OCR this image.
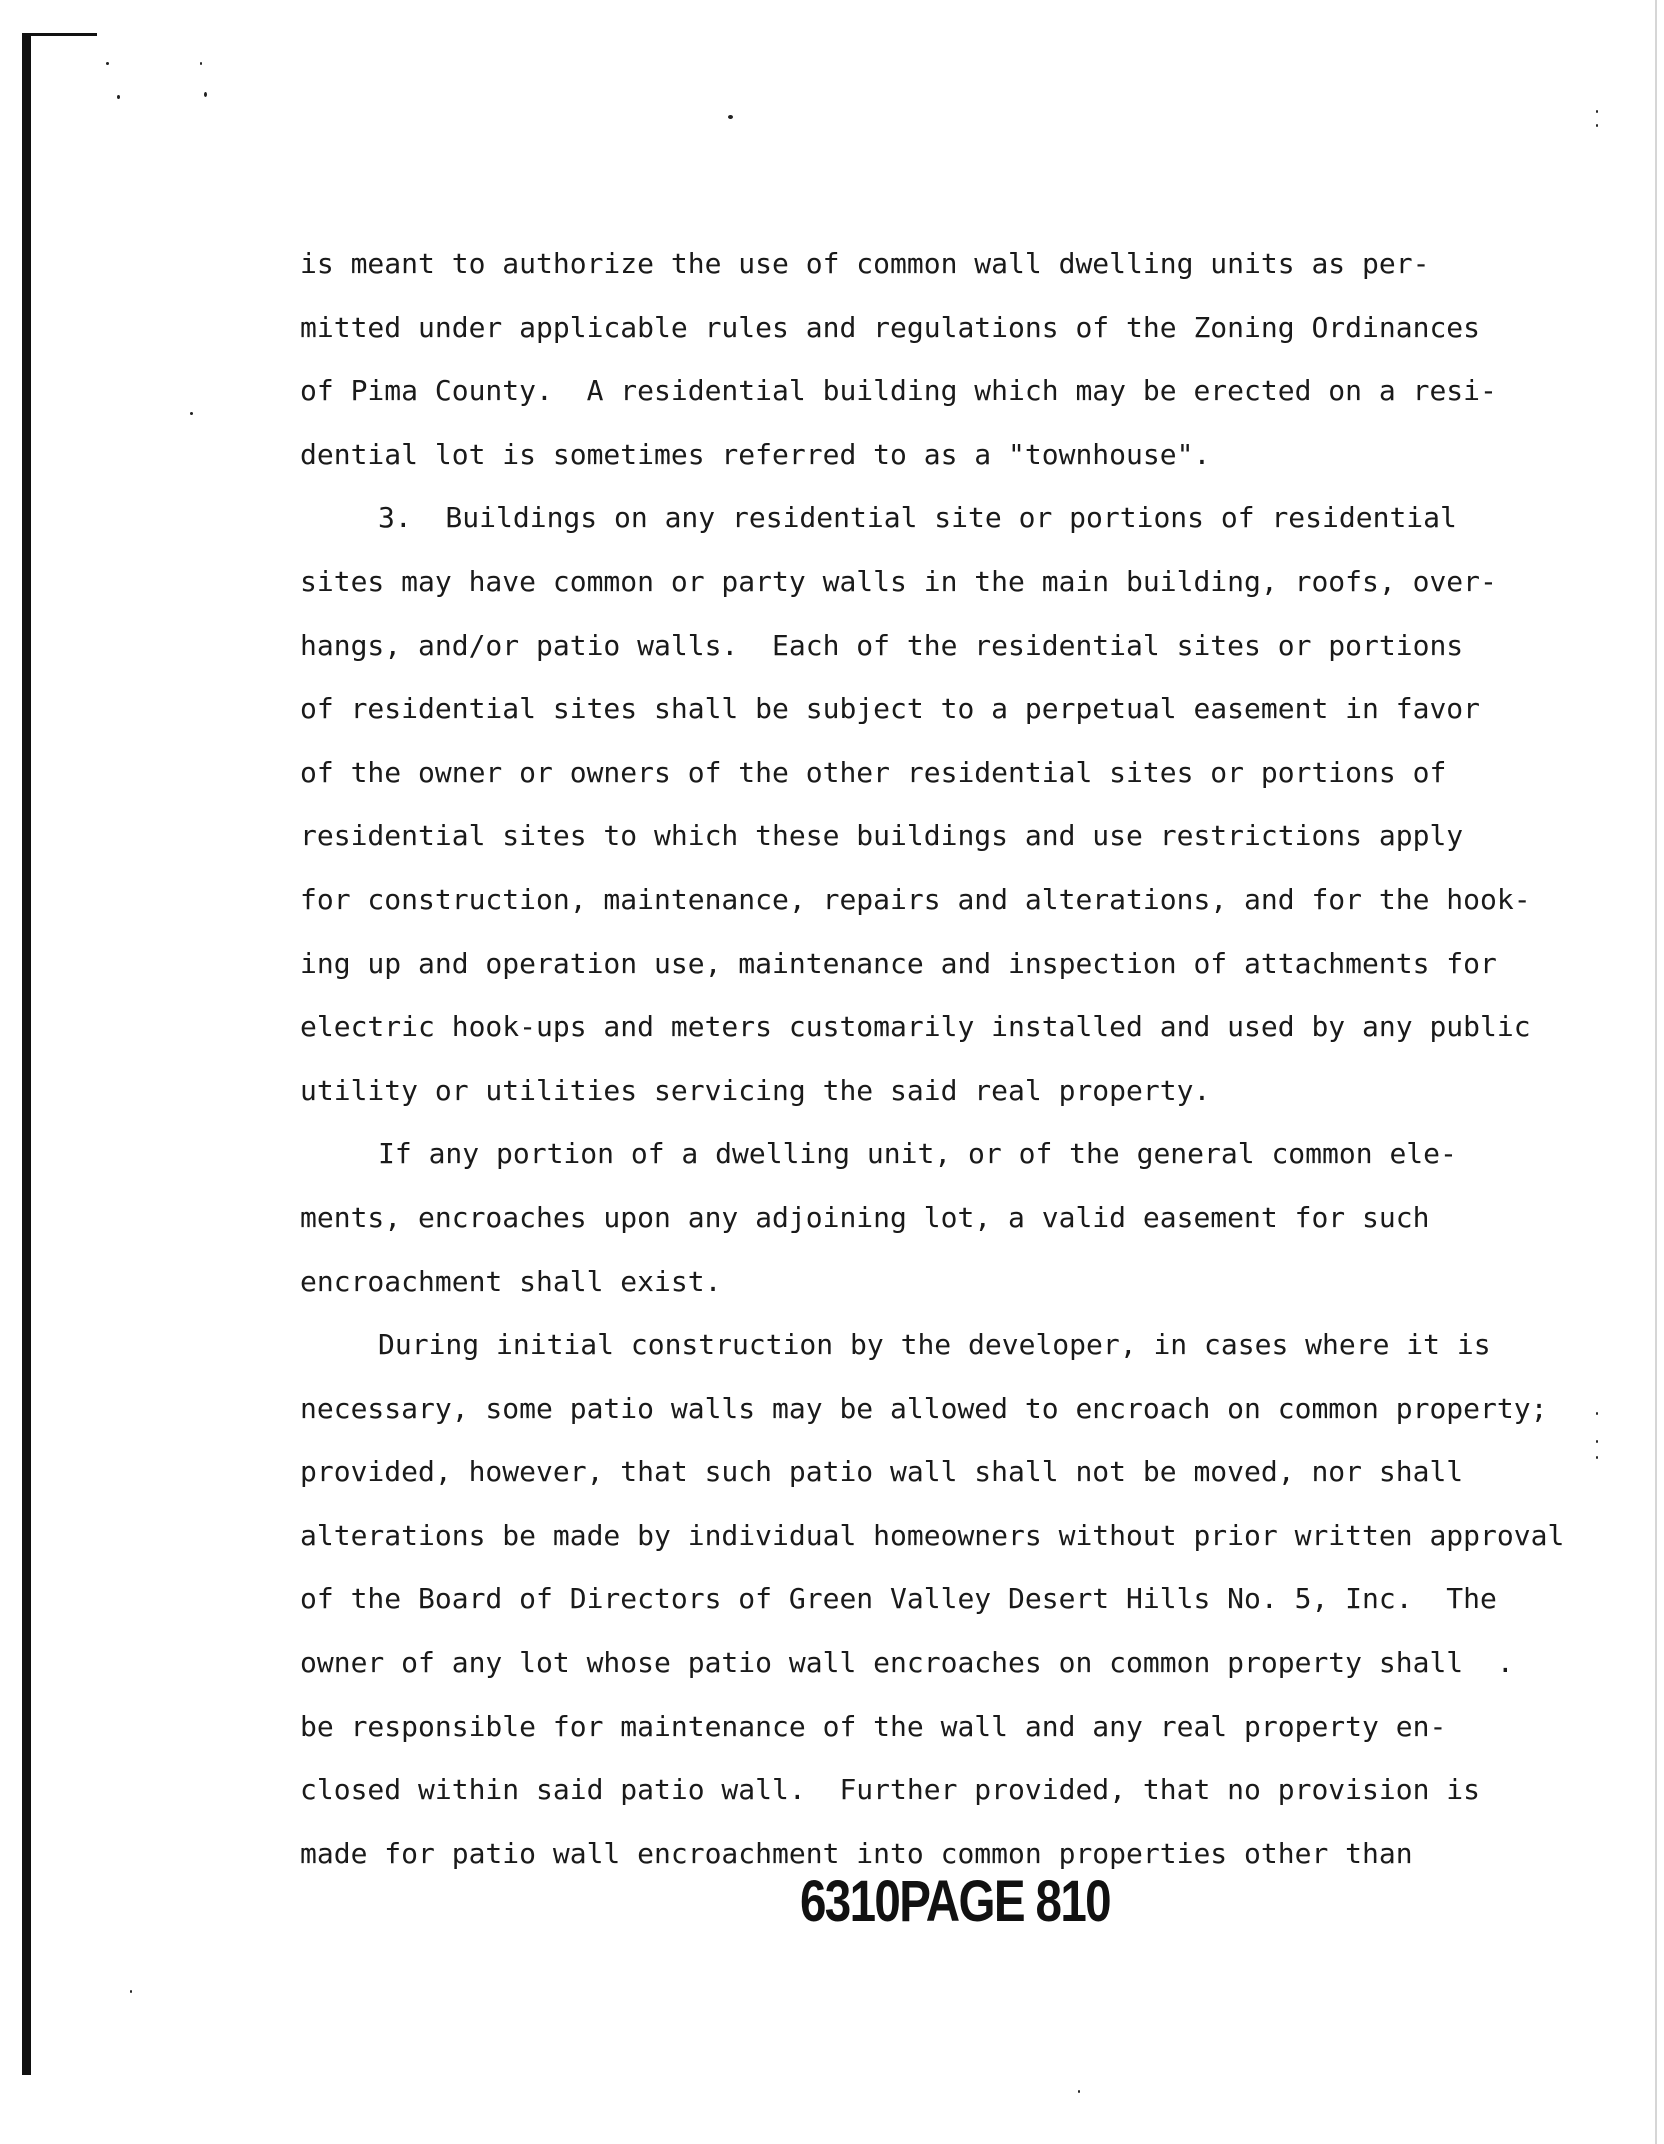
is meant to authorize the use of common wall dwelling units as per-
mitted under applicable rules and regulations of the Zoning Ordinances
of Pima County.  A residential building which may be erected on a resi-
dential lot is sometimes referred to as a "townhouse".
3.  Buildings on any residential site or portions of residential
sites may have common or party walls in the main building, roofs, over-
hangs, and/or patio walls.  Each of the residential sites or portions
of residential sites shall be subject to a perpetual easement in favor
of the owner or owners of the other residential sites or portions of
residential sites to which these buildings and use restrictions apply
for construction, maintenance, repairs and alterations, and for the hook-
ing up and operation use, maintenance and inspection of attachments for
electric hook-ups and meters customarily installed and used by any public
utility or utilities servicing the said real property.
If any portion of a dwelling unit, or of the general common ele-
ments, encroaches upon any adjoining lot, a valid easement for such
encroachment shall exist.
During initial construction by the developer, in cases where it is
necessary, some patio walls may be allowed to encroach on common property;
provided, however, that such patio wall shall not be moved, nor shall
alterations be made by individual homeowners without prior written approval
of the Board of Directors of Green Valley Desert Hills No. 5, Inc.  The
owner of any lot whose patio wall encroaches on common property shall  .
be responsible for maintenance of the wall and any real property en-
closed within said patio wall.  Further provided, that no provision is
made for patio wall encroachment into common properties other than
6310PAGE 810
